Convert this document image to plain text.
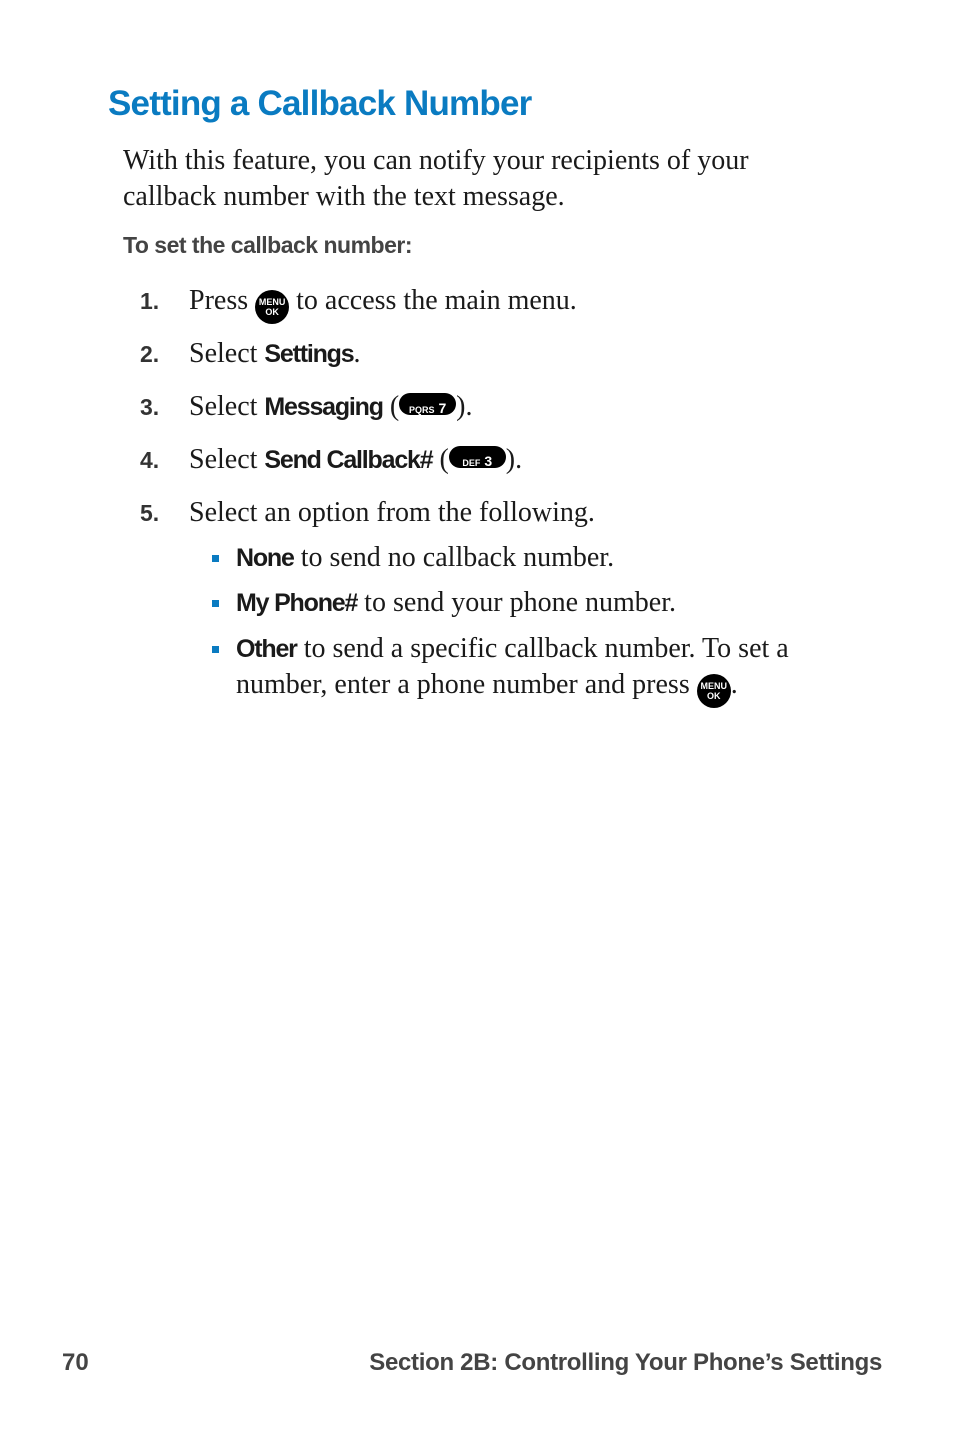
Setting a Callback Number
With this feature, you can notify your recipients of your callback number with the text message.
To set the callback number:
1. Press MENU
OK to access the main menu.
2. Select Settings.
3. Select Messaging ( PQRS 7 ).
4. Select Send Callback# ( DEF 3 ).
5. Select an option from the following.
None to send no callback number.
My Phone# to send your phone number.
Other to send a specific callback number. To set a number, enter a phone number and press MENU
OK .
70	Section 2B: Controlling Your Phone’s Settings
